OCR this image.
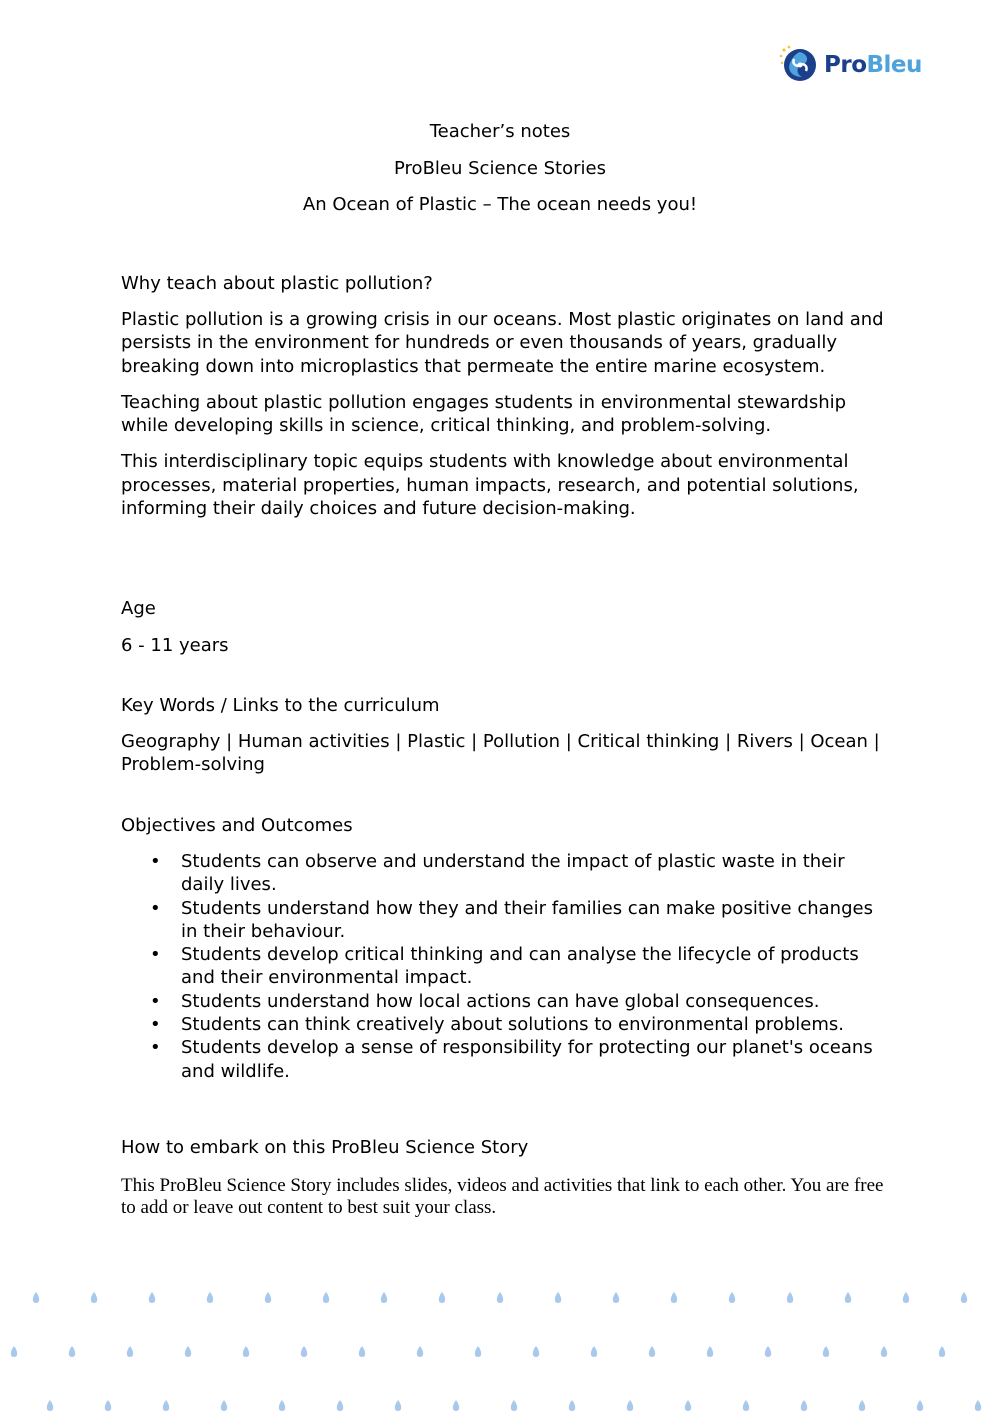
ProBleu
Teacher’s notes
ProBleu Science Stories
An Ocean of Plastic – The ocean needs you!

Why teach about plastic pollution?

Plastic pollution is a growing crisis in our oceans. Most plastic originates on land and persists in the environment for hundreds or even thousands of years, gradually breaking down into microplastics that permeate the entire marine ecosystem.

Teaching about plastic pollution engages students in environmental stewardship while developing skills in science, critical thinking, and problem-solving.

This interdisciplinary topic equips students with knowledge about environmental processes, material properties, human impacts, research, and potential solutions, informing their daily choices and future decision-making.

Age

6 - 11 years

Key Words / Links to the curriculum

Geography | Human activities | Plastic | Pollution | Critical thinking | Rivers | Ocean | Problem-solving

Objectives and Outcomes

• Students can observe and understand the impact of plastic waste in their daily lives.
• Students understand how they and their families can make positive changes in their behaviour.
• Students develop critical thinking and can analyse the lifecycle of products and their environmental impact.
• Students understand how local actions can have global consequences.
• Students can think creatively about solutions to environmental problems.
• Students develop a sense of responsibility for protecting our planet's oceans and wildlife.

How to embark on this ProBleu Science Story

This ProBleu Science Story includes slides, videos and activities that link to each other. You are free to add or leave out content to best suit your class.
